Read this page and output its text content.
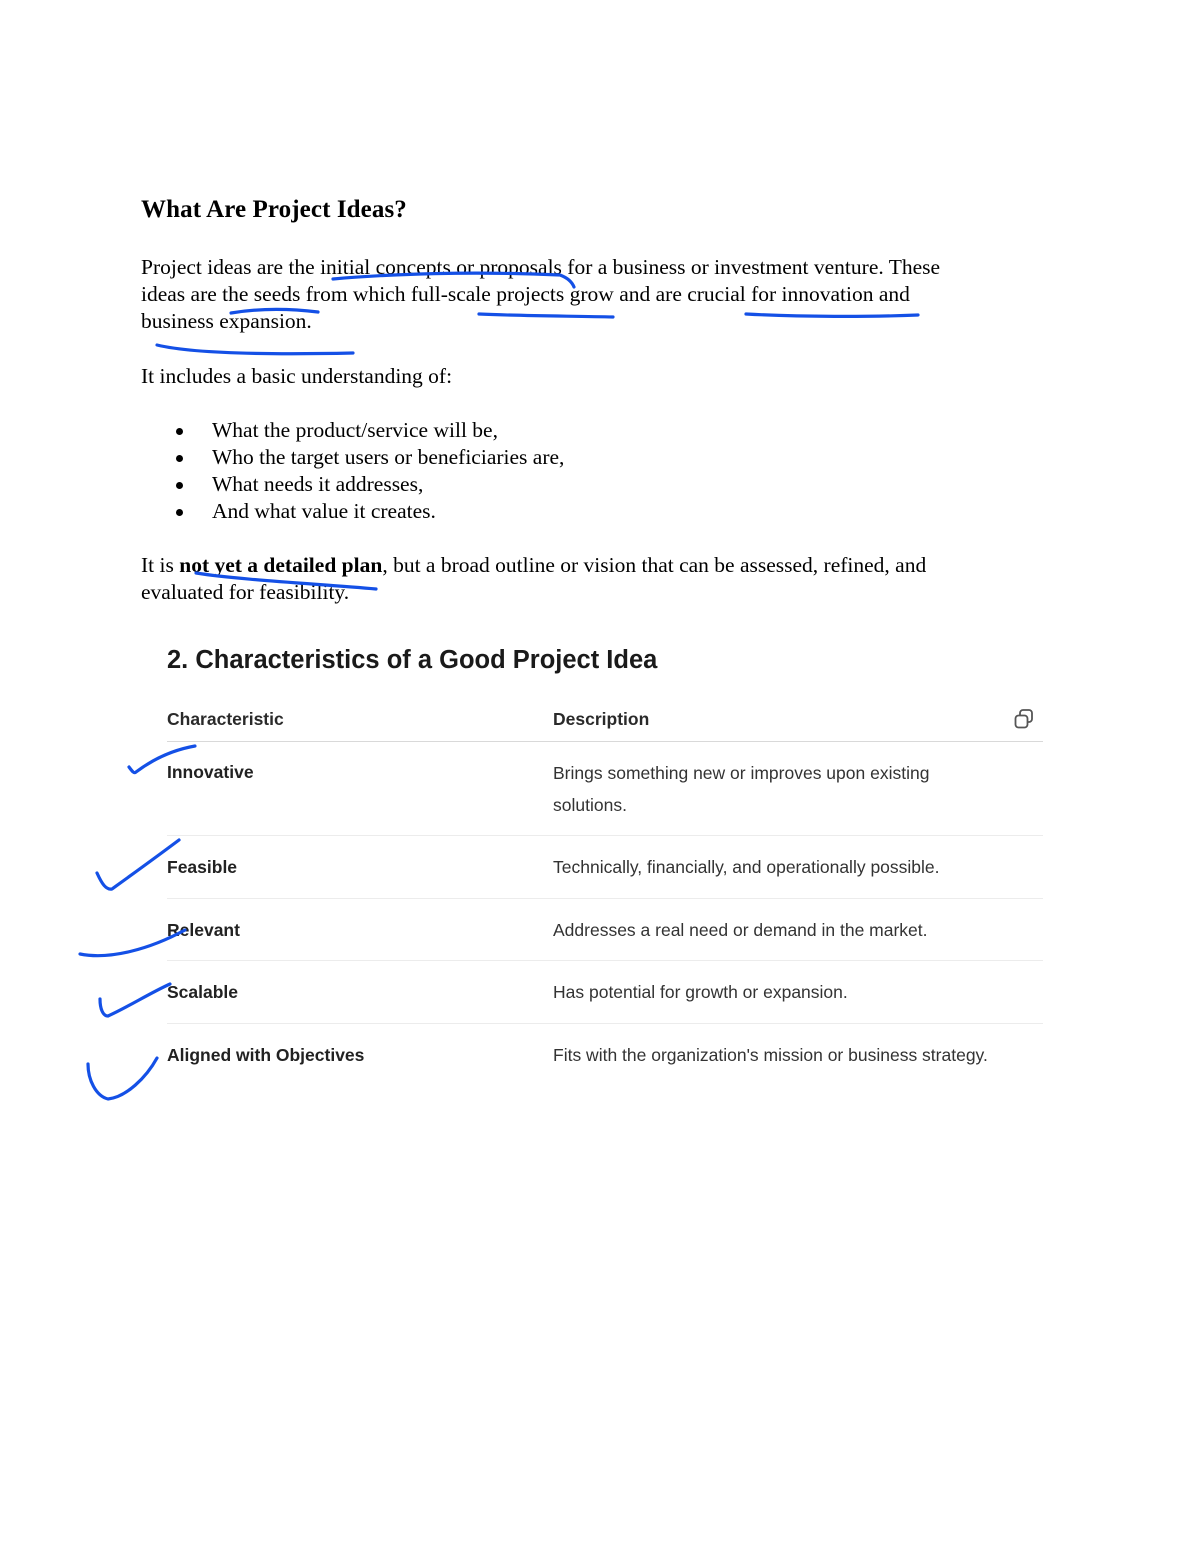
What Are Project Ideas?
Project ideas are the initial concepts or proposals for a business or investment venture. These
ideas are the seeds from which full-scale projects grow and are crucial for innovation and
business expansion.
It includes a basic understanding of:
What the product/service will be,
Who the target users or beneficiaries are,
What needs it addresses,
And what value it creates.
It is not yet a detailed plan, but a broad outline or vision that can be assessed, refined, and
evaluated for feasibility.
2. Characteristics of a Good Project Idea
Characteristic	Description
Innovative	Brings something new or improves upon existing solutions.
Feasible	Technically, financially, and operationally possible.
Relevant	Addresses a real need or demand in the market.
Scalable	Has potential for growth or expansion.
Aligned with Objectives	Fits with the organization's mission or business strategy.
